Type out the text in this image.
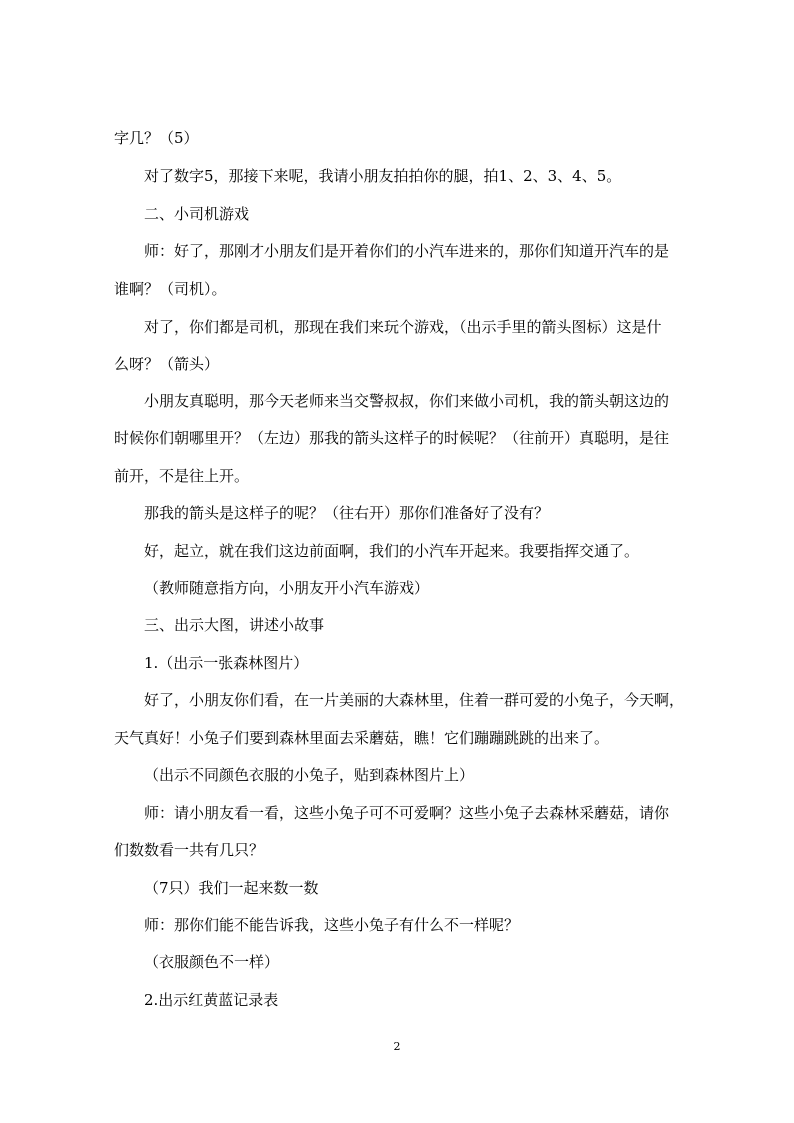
字几？（5）
对了数字5，那接下来呢，我请小朋友拍拍你的腿，拍1、2、3、4、5。
二、小司机游戏
师：好了，那刚才小朋友们是开着你们的小汽车进来的，那你们知道开汽车的是
谁啊？（司机）。
对了，你们都是司机，那现在我们来玩个游戏，（出示手里的箭头图标）这是什
么呀？（箭头）
小朋友真聪明，那今天老师来当交警叔叔，你们来做小司机，我的箭头朝这边的
时候你们朝哪里开？（左边）那我的箭头这样子的时候呢？（往前开）真聪明，是往
前开，不是往上开。
那我的箭头是这样子的呢？（往右开）那你们准备好了没有？
好，起立，就在我们这边前面啊，我们的小汽车开起来。我要指挥交通了。
（教师随意指方向，小朋友开小汽车游戏）
三、出示大图，讲述小故事
1.（出示一张森林图片）
好了，小朋友你们看，在一片美丽的大森林里，住着一群可爱的小兔子，今天啊，
天气真好！小兔子们要到森林里面去采蘑菇，瞧！它们蹦蹦跳跳的出来了。
（出示不同颜色衣服的小兔子，贴到森林图片上）
师：请小朋友看一看，这些小兔子可不可爱啊？这些小兔子去森林采蘑菇，请你
们数数看一共有几只？
（7只）我们一起来数一数
师：那你们能不能告诉我，这些小兔子有什么不一样呢？
（衣服颜色不一样）
2.出示红黄蓝记录表
2
